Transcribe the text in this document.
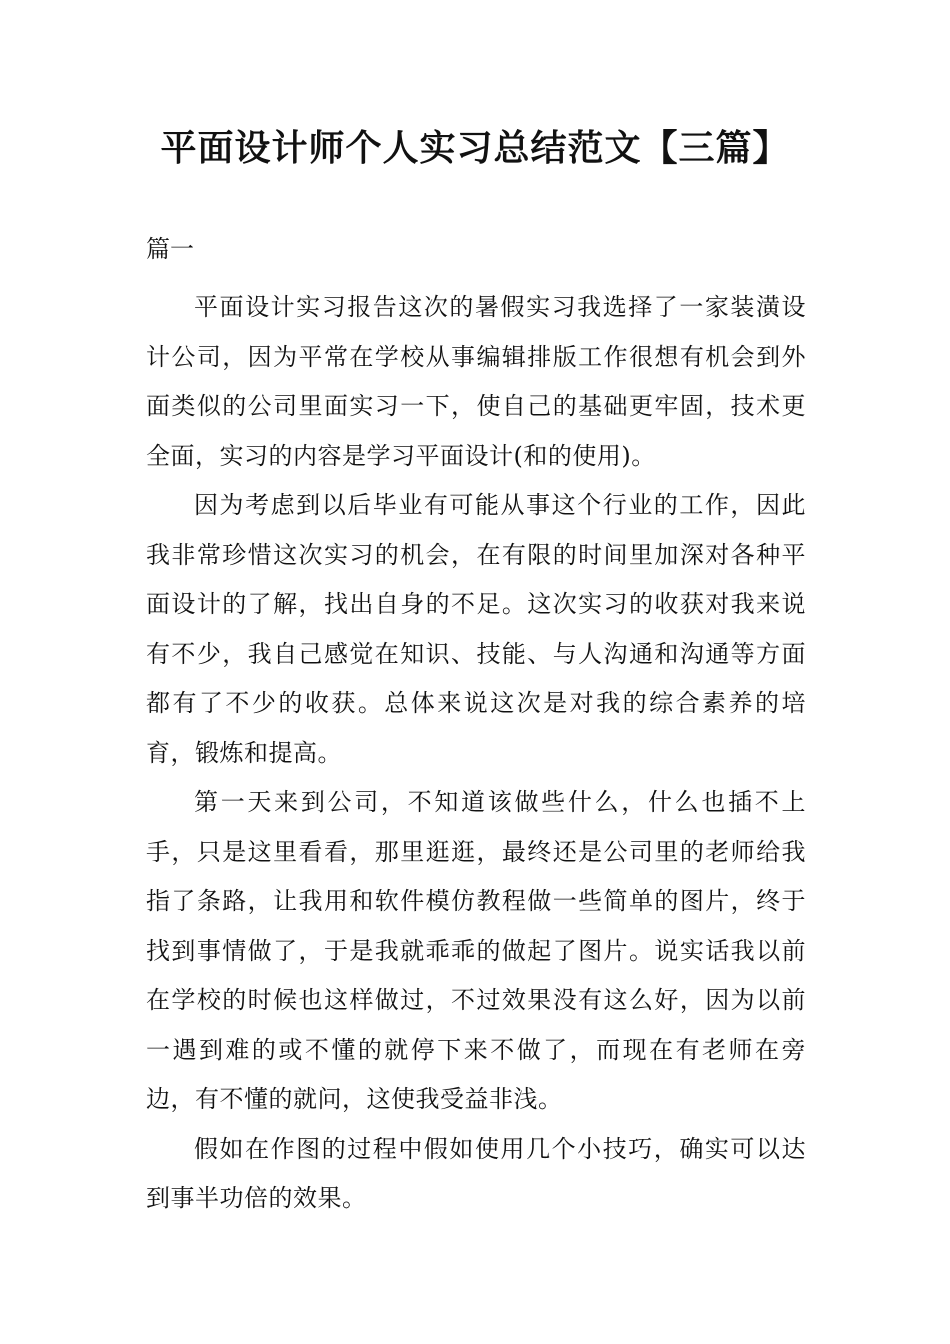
平面设计师个人实习总结范文【三篇】

篇一

平面设计实习报告这次的暑假实习我选择了一家装潢设计公司，因为平常在学校从事编辑排版工作很想有机会到外面类似的公司里面实习一下，使自己的基础更牢固，技术更全面，实习的内容是学习平面设计(和的使用)。

因为考虑到以后毕业有可能从事这个行业的工作，因此我非常珍惜这次实习的机会，在有限的时间里加深对各种平面设计的了解，找出自身的不足。这次实习的收获对我来说有不少，我自己感觉在知识、技能、与人沟通和沟通等方面都有了不少的收获。总体来说这次是对我的综合素养的培育，锻炼和提高。

第一天来到公司，不知道该做些什么，什么也插不上手，只是这里看看，那里逛逛，最终还是公司里的老师给我指了条路，让我用和软件模仿教程做一些简单的图片，终于找到事情做了，于是我就乖乖的做起了图片。说实话我以前在学校的时候也这样做过，不过效果没有这么好，因为以前一遇到难的或不懂的就停下来不做了，而现在有老师在旁边，有不懂的就问，这使我受益非浅。

假如在作图的过程中假如使用几个小技巧，确实可以达到事半功倍的效果。
